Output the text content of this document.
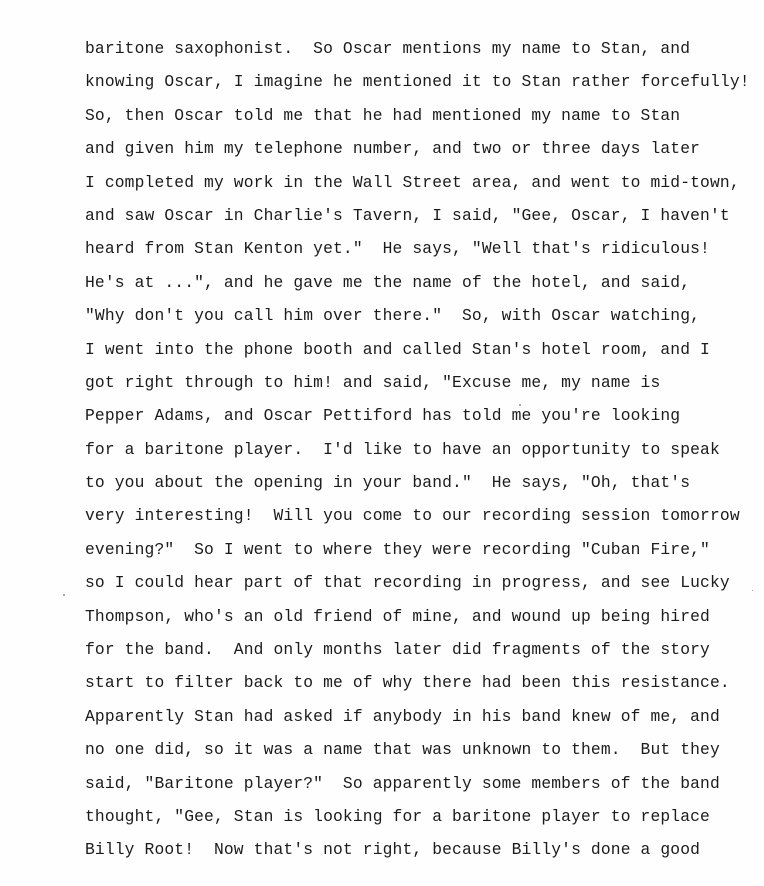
baritone saxophonist.  So Oscar mentions my name to Stan, and
knowing Oscar, I imagine he mentioned it to Stan rather forcefully!
So, then Oscar told me that he had mentioned my name to Stan
and given him my telephone number, and two or three days later
I completed my work in the Wall Street area, and went to mid-town,
and saw Oscar in Charlie's Tavern, I said, "Gee, Oscar, I haven't
heard from Stan Kenton yet."  He says, "Well that's ridiculous!
He's at ...", and he gave me the name of the hotel, and said,
"Why don't you call him over there."  So, with Oscar watching,
I went into the phone booth and called Stan's hotel room, and I
got right through to him! and said, "Excuse me, my name is
Pepper Adams, and Oscar Pettiford has told me you're looking
for a baritone player.  I'd like to have an opportunity to speak
to you about the opening in your band."  He says, "Oh, that's
very interesting!  Will you come to our recording session tomorrow
evening?"  So I went to where they were recording "Cuban Fire,"
so I could hear part of that recording in progress, and see Lucky
Thompson, who's an old friend of mine, and wound up being hired
for the band.  And only months later did fragments of the story
start to filter back to me of why there had been this resistance.
Apparently Stan had asked if anybody in his band knew of me, and
no one did, so it was a name that was unknown to them.  But they
said, "Baritone player?"  So apparently some members of the band
thought, "Gee, Stan is looking for a baritone player to replace
Billy Root!  Now that's not right, because Billy's done a good
